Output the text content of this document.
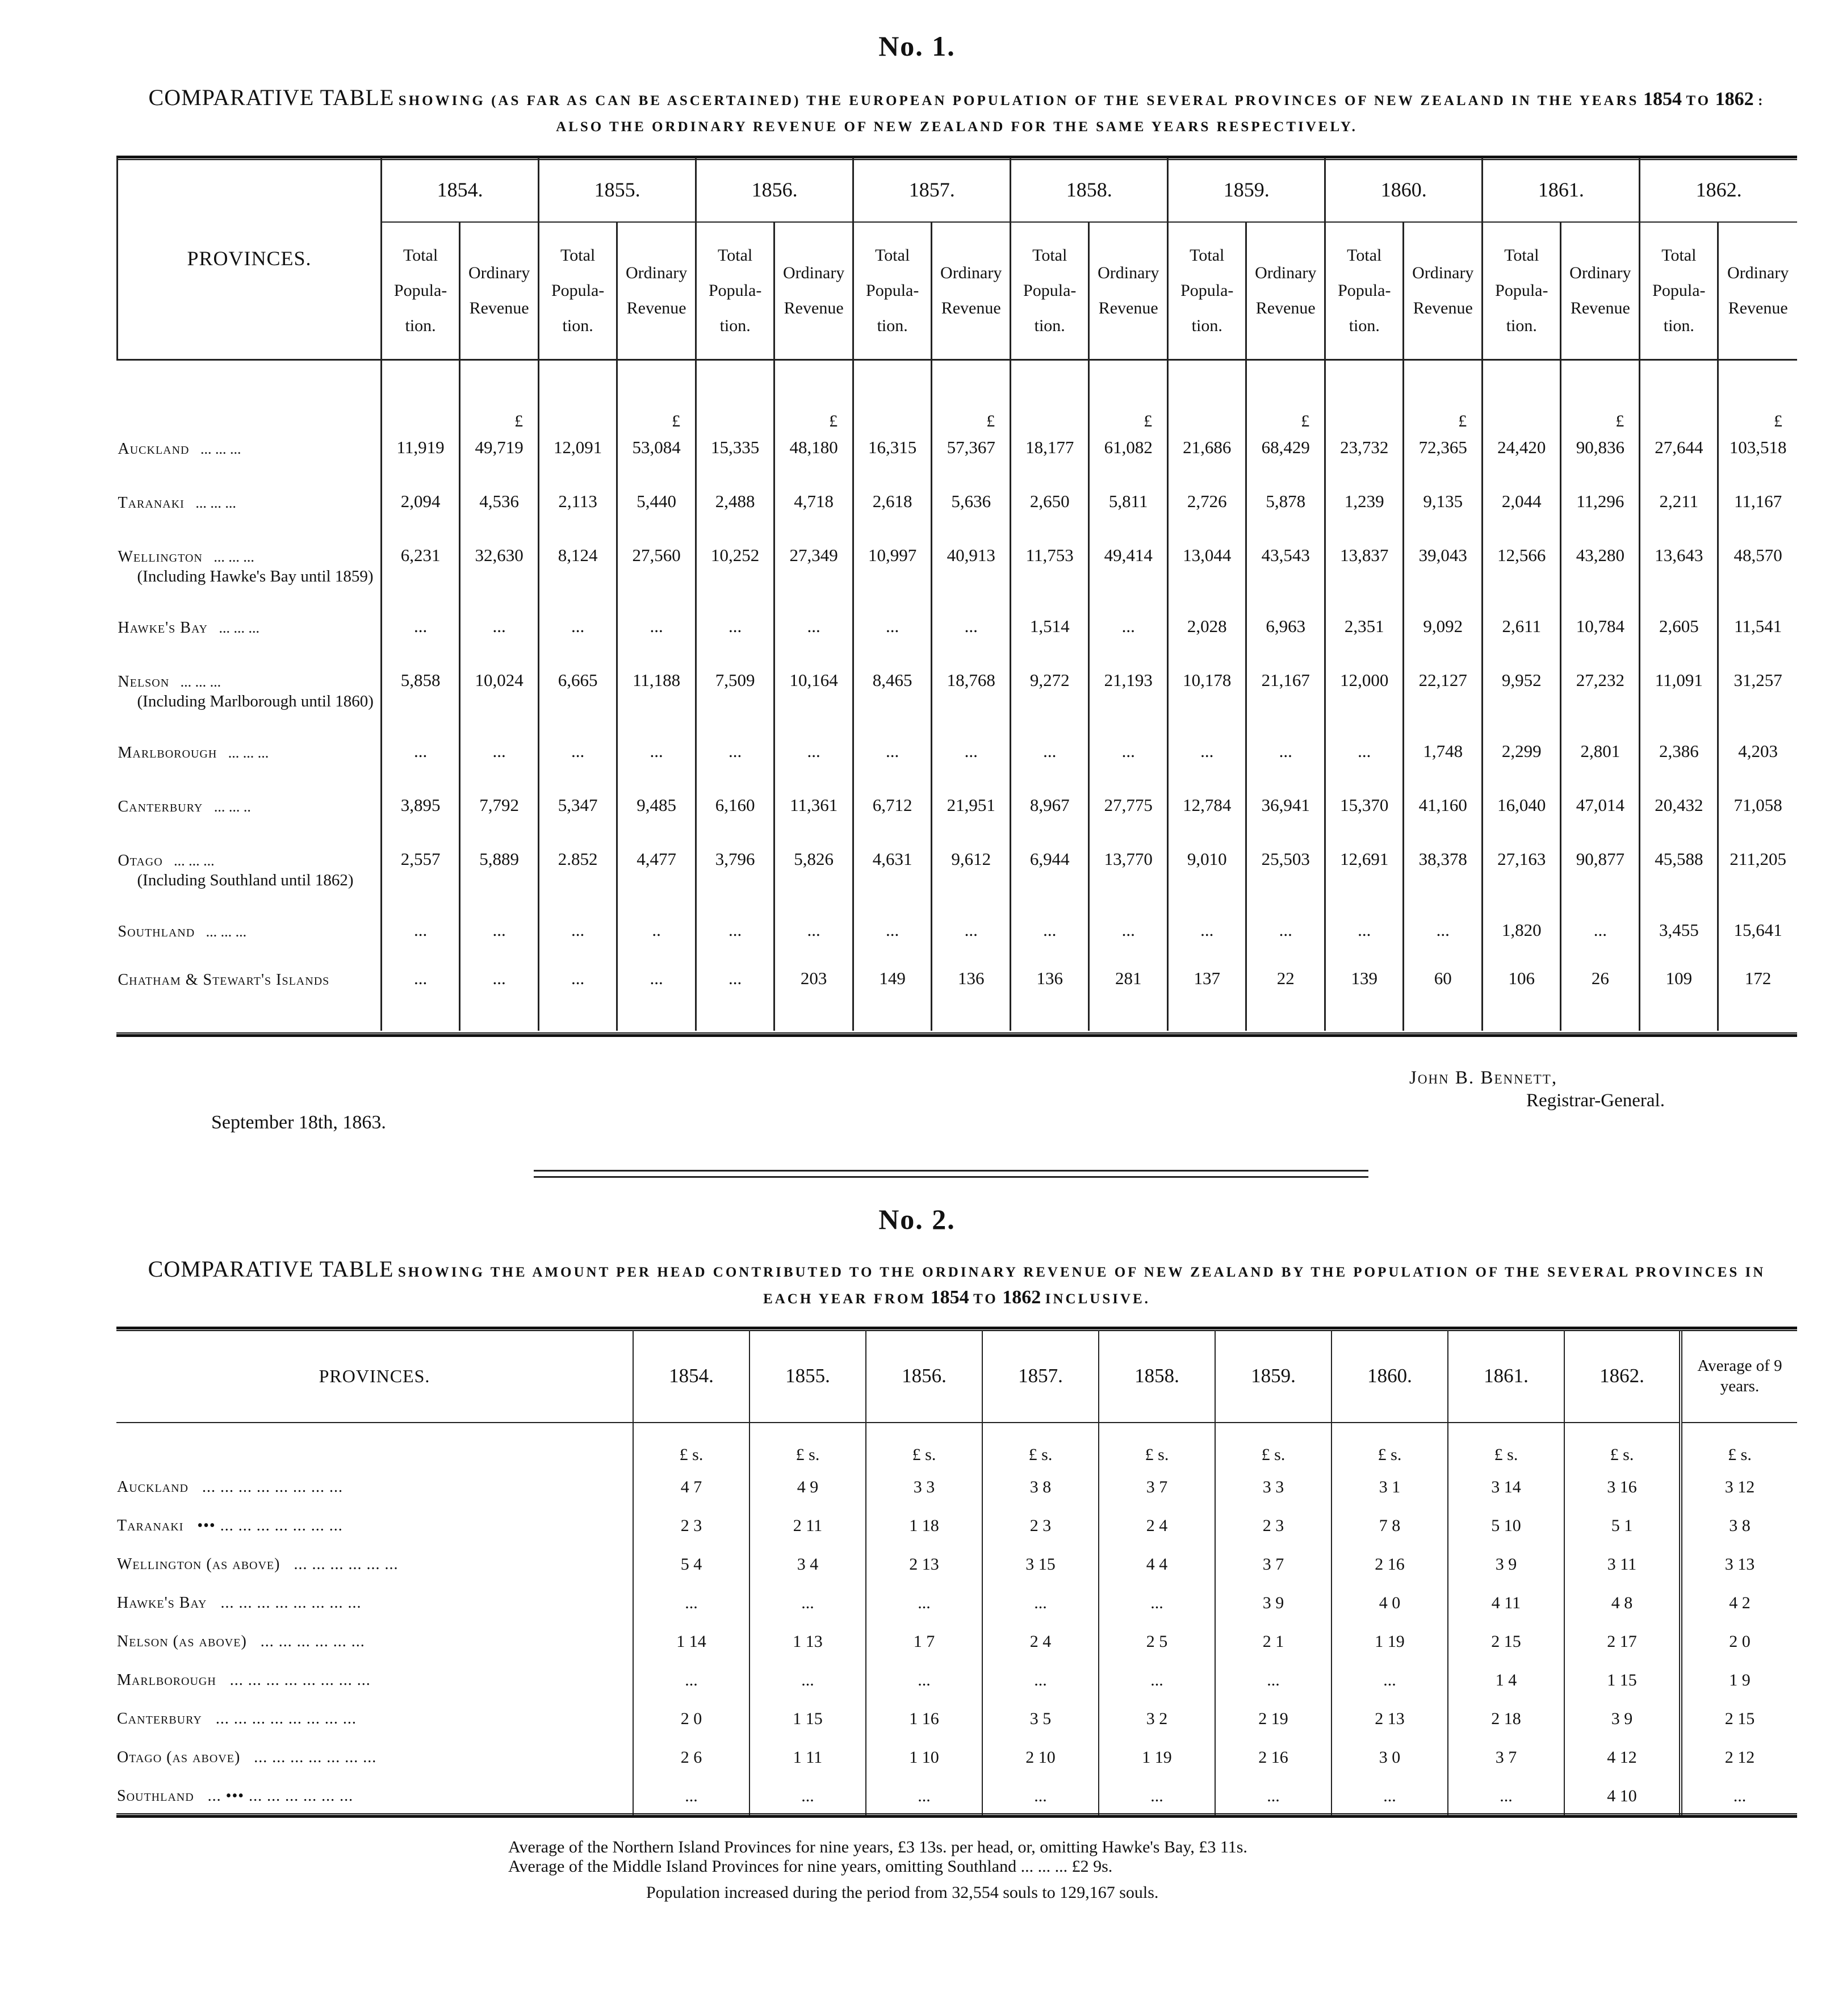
No. 1.
COMPARATIVE TABLE SHOWING (AS FAR AS CAN BE ASCERTAINED) THE EUROPEAN POPULATION OF THE SEVERAL PROVINCES OF NEW ZEALAND IN THE YEARS 1854 TO 1862 :
ALSO THE ORDINARY REVENUE OF NEW ZEALAND FOR THE SAME YEARS RESPECTIVELY.
PROVINCES.	1854.		1855.		1856.		1857.		1858.		1859.		1860.		1861.		1862.	
	Total Popula-tion.	Ordinary Revenue	Total Popula-tion.	Ordinary Revenue	Total Popula-tion.	Ordinary Revenue	Total Popula-tion.	Ordinary Revenue	Total Popula-tion.	Ordinary Revenue	Total Popula-tion.	Ordinary Revenue	Total Popula-tion.	Ordinary Revenue	Total Popula-tion.	Ordinary Revenue	Total Popula-tion.	Ordinary Revenue
		£		£		£		£		£		£		£		£		£
Auckland ... ... ...	11,919	49,719	12,091	53,084	15,335	48,180	16,315	57,367	18,177	61,082	21,686	68,429	23,732	72,365	24,420	90,836	27,644	103,518
Taranaki ... ... ...	2,094	4,536	2,113	5,440	2,488	4,718	2,618	5,636	2,650	5,811	2,726	5,878	1,239	9,135	2,044	11,296	2,211	11,167
Wellington ... ... ...
(Including Hawke's Bay until 1859)	6,231	32,630	8,124	27,560	10,252	27,349	10,997	40,913	11,753	49,414	13,044	43,543	13,837	39,043	12,566	43,280	13,643	48,570
Hawke's Bay ... ... ...	...	...	...	...	...	...	...	...	1,514	...	2,028	6,963	2,351	9,092	2,611	10,784	2,605	11,541
Nelson ... ... ...
(Including Marlborough until 1860)	5,858	10,024	6,665	11,188	7,509	10,164	8,465	18,768	9,272	21,193	10,178	21,167	12,000	22,127	9,952	27,232	11,091	31,257
Marlborough ... ... ...	...	...	...	...	...	...	...	...	...	...	...	...	...	1,748	2,299	2,801	2,386	4,203
Canterbury ... ... ..	3,895	7,792	5,347	9,485	6,160	11,361	6,712	21,951	8,967	27,775	12,784	36,941	15,370	41,160	16,040	47,014	20,432	71,058
Otago ... ... ...
(Including Southland until 1862)	2,557	5,889	2.852	4,477	3,796	5,826	4,631	9,612	6,944	13,770	9,010	25,503	12,691	38,378	27,163	90,877	45,588	211,205
Southland ... ... ...	...	...	...	..	...	...	...	...	...	...	...	...	...	...	1,820	...	3,455	15,641
Chatham & Stewart's Islands	...	...	...	...	...	203	149	136	136	281	137	22	139	60	106	26	109	172
John B. Bennett,
Registrar-General.
September 18th, 1863.
No. 2.
COMPARATIVE TABLE SHOWING THE AMOUNT PER HEAD CONTRIBUTED TO THE ORDINARY REVENUE OF NEW ZEALAND BY THE POPULATION OF THE SEVERAL PROVINCES IN
EACH YEAR FROM 1854 TO 1862 INCLUSIVE.
PROVINCES.	1854.	1855.	1856.	1857.	1858.	1859.	1860.	1861.	1862.	Average of 9 years.
	£ s.	£ s.	£ s.	£ s.	£ s.	£ s.	£ s.	£ s.	£ s.	£ s.
Auckland ... ... ... ... ... ... ... ...	4 7	4 9	3 3	3 8	3 7	3 3	3 1	3 14	3 16	3 12
Taranaki ••• ... ... ... ... ... ... ...	2 3	2 11	1 18	2 3	2 4	2 3	7 8	5 10	5 1	3 8
Wellington (as above) ... ... ... ... ... ...	5 4	3 4	2 13	3 15	4 4	3 7	2 16	3 9	3 11	3 13
Hawke's Bay ... ... ... ... ... ... ... ...	...	...	...	...	...	3 9	4 0	4 11	4 8	4 2
Nelson (as above) ... ... ... ... ... ...	1 14	1 13	1 7	2 4	2 5	2 1	1 19	2 15	2 17	2 0
Marlborough ... ... ... ... ... ... ... ...	...	...	...	...	...	...	...	1 4	1 15	1 9
Canterbury ... ... ... ... ... ... ... ...	2 0	1 15	1 16	3 5	3 2	2 19	2 13	2 18	3 9	2 15
Otago (as above) ... ... ... ... ... ... ...	2 6	1 11	1 10	2 10	1 19	2 16	3 0	3 7	4 12	2 12
Southland ... ••• ... ... ... ... ... ...	...	...	...	...	...	...	...	...	4 10	...
Average of the Northern Island Provinces for nine years, £3 13s. per head, or, omitting Hawke's Bay, £3 11s.
Average of the Middle Island Provinces for nine years, omitting Southland ... ... ... £2 9s.
Population increased during the period from 32,554 souls to 129,167 souls.
